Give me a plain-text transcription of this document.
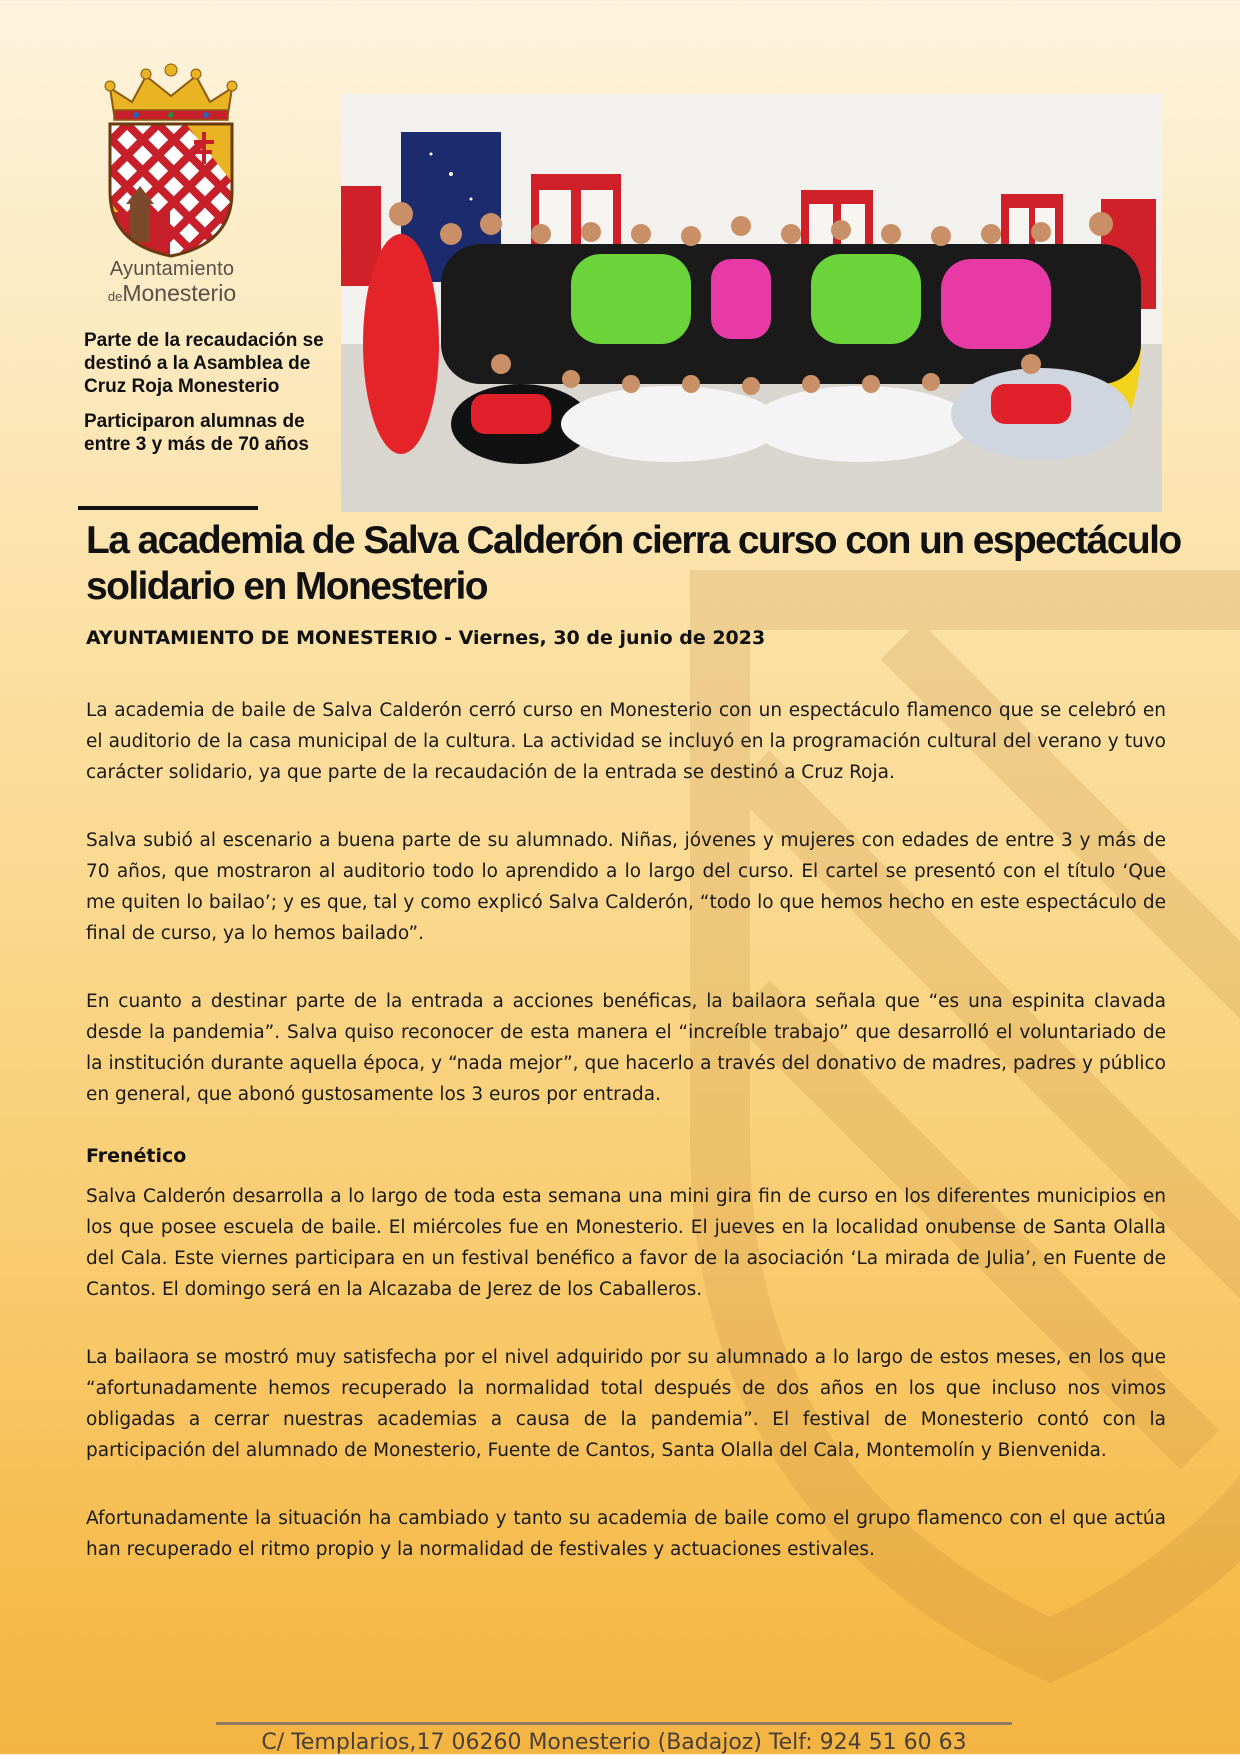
Ayuntamiento
deMonesterio

Parte de la recaudación se destinó a la Asamblea de Cruz Roja Monesterio

Participaron alumnas de entre 3 y más de 70 años

La academia de Salva Calderón cierra curso con un espectáculo solidario en Monesterio

AYUNTAMIENTO DE MONESTERIO - Viernes, 30 de junio de 2023

La academia de baile de Salva Calderón cerró curso en Monesterio con un espectáculo flamenco que se celebró en el auditorio de la casa municipal de la cultura. La actividad se incluyó en la programación cultural del verano y tuvo carácter solidario, ya que parte de la recaudación de la entrada se destinó a Cruz Roja.

Salva subió al escenario a buena parte de su alumnado. Niñas, jóvenes y mujeres con edades de entre 3 y más de 70 años, que mostraron al auditorio todo lo aprendido a lo largo del curso. El cartel se presentó con el título ‘Que me quiten lo bailao’; y es que, tal y como explicó Salva Calderón, “todo lo que hemos hecho en este espectáculo de final de curso, ya lo hemos bailado”.

En cuanto a destinar parte de la entrada a acciones benéficas, la bailaora señala que “es una espinita clavada desde la pandemia”. Salva quiso reconocer de esta manera el “increíble trabajo” que desarrolló el voluntariado de la institución durante aquella época, y “nada mejor”, que hacerlo a través del donativo de madres, padres y público en general, que abonó gustosamente los 3 euros por entrada.

Frenético

Salva Calderón desarrolla a lo largo de toda esta semana una mini gira fin de curso en los diferentes municipios en los que posee escuela de baile. El miércoles fue en Monesterio. El jueves en la localidad onubense de Santa Olalla del Cala. Este viernes participara en un festival benéfico a favor de la asociación ‘La mirada de Julia’, en Fuente de Cantos. El domingo será en la Alcazaba de Jerez de los Caballeros.

La bailaora se mostró muy satisfecha por el nivel adquirido por su alumnado a lo largo de estos meses, en los que “afortunadamente hemos recuperado la normalidad total después de dos años en los que incluso nos vimos obligadas a cerrar nuestras academias a causa de la pandemia”. El festival de Monesterio contó con la participación del alumnado de Monesterio, Fuente de Cantos, Santa Olalla del Cala, Montemolín y Bienvenida.

Afortunadamente la situación ha cambiado y tanto su academia de baile como el grupo flamenco con el que actúa han recuperado el ritmo propio y la normalidad de festivales y actuaciones estivales.

C/ Templarios,17 06260 Monesterio (Badajoz) Telf: 924 51 60 63
